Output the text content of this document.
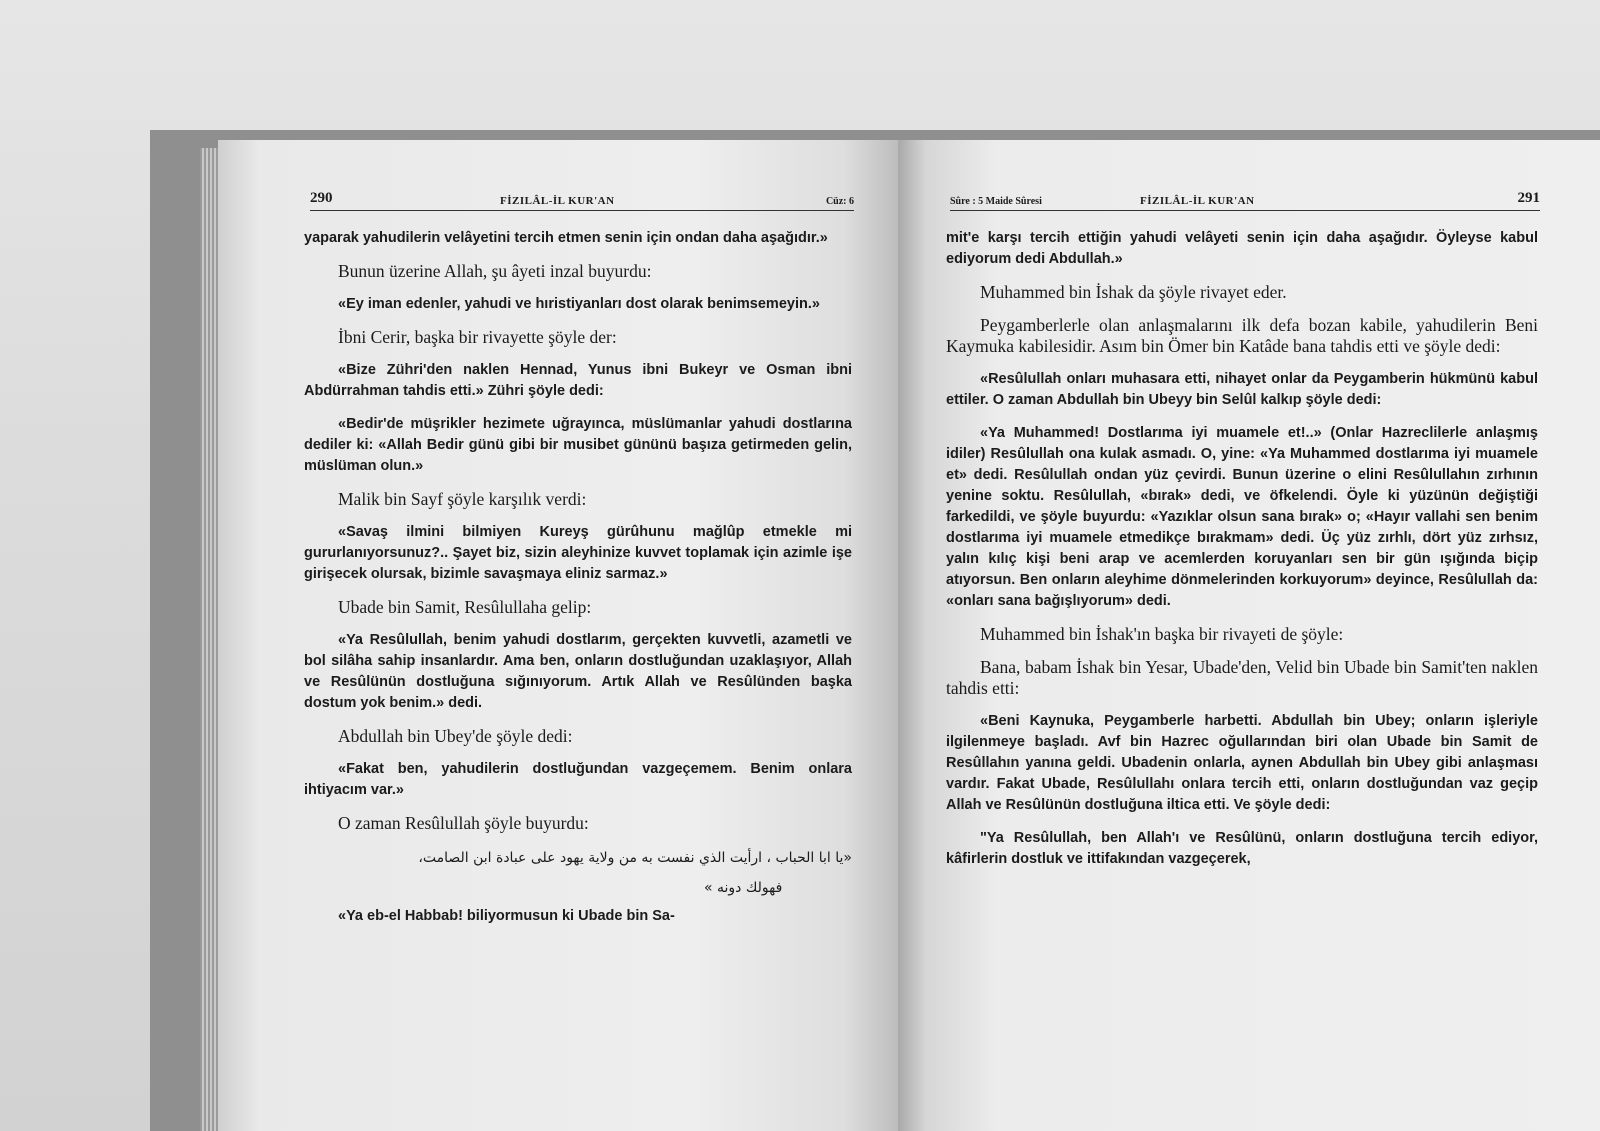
290	FİZILÂL-İL KUR'AN	Cüz: 6

yaparak yahudilerin velâyetini tercih etmen senin için ondan daha aşağıdır.»

Bunun üzerine Allah, şu âyeti inzal buyurdu:

«Ey iman edenler, yahudi ve hıristiyanları dost olarak benimsemeyin.»

İbni Cerir, başka bir rivayette şöyle der:

«Bize Zühri'den naklen Hennad, Yunus ibni Bukeyr ve Osman ibni Abdürrahman tahdis etti.» Zühri şöyle dedi:

«Bedir'de müşrikler hezimete uğrayınca, müslümanlar yahudi dostlarına dediler ki: «Allah Bedir günü gibi bir musibet gününü başıza getirmeden gelin, müslüman olun.»

Malik bin Sayf şöyle karşılık verdi:

«Savaş ilmini bilmiyen Kureyş gürûhunu mağlûp etmekle mi gururlanıyorsunuz?.. Şayet biz, sizin aleyhinize kuvvet toplamak için azimle işe girişecek olursak, bizimle savaşmaya eliniz sarmaz.»

Ubade bin Samit, Resûlullaha gelip:

«Ya Resûlullah, benim yahudi dostlarım, gerçekten kuvvetli, azametli ve bol silâha sahip insanlardır. Ama ben, onların dostluğundan uzaklaşıyor, Allah ve Resûlünün dostluğuna sığınıyorum. Artık Allah ve Resûlünden başka dostum yok benim.» dedi.

Abdullah bin Ubey'de şöyle dedi:

«Fakat ben, yahudilerin dostluğundan vazgeçemem. Benim onlara ihtiyacım var.»

O zaman Resûlullah şöyle buyurdu:

«يا ابا الحباب ، ارأيت الذي نفست به من ولاية يهود على عبادة ابن الصامت،

فهولك دونه »

«Ya eb-el Habbab! biliyormusun ki Ubade bin Sa-

Sûre : 5 Maide Sûresi	FİZILÂL-İL KUR'AN	291

mit'e karşı tercih ettiğin yahudi velâyeti senin için daha aşağıdır. Öyleyse kabul ediyorum dedi Abdullah.»

Muhammed bin İshak da şöyle rivayet eder.

Peygamberlerle olan anlaşmalarını ilk defa bozan kabile, yahudilerin Beni Kaymuka kabilesidir. Asım bin Ömer bin Katâde bana tahdis etti ve şöyle dedi:

«Resûlullah onları muhasara etti, nihayet onlar da Peygamberin hükmünü kabul ettiler. O zaman Abdullah bin Ubeyy bin Selûl kalkıp şöyle dedi:

«Ya Muhammed! Dostlarıma iyi muamele et!..» (Onlar Hazreclilerle anlaşmış idiler) Resûlullah ona kulak asmadı. O, yine: «Ya Muhammed dostlarıma iyi muamele et» dedi. Resûlullah ondan yüz çevirdi. Bunun üzerine o elini Resûlullahın zırhının yenine soktu. Resûlullah, «bırak» dedi, ve öfkelendi. Öyle ki yüzünün değiştiği farkedildi, ve şöyle buyurdu: «Yazıklar olsun sana bırak» o; «Hayır vallahi sen benim dostlarıma iyi muamele etmedikçe bırakmam» dedi. Üç yüz zırhlı, dört yüz zırhsız, yalın kılıç kişi beni arap ve acemlerden koruyanları sen bir gün ışığında biçip atıyorsun. Ben onların aleyhime dönmelerinden korkuyorum» deyince, Resûlullah da: «onları sana bağışlıyorum» dedi.

Muhammed bin İshak'ın başka bir rivayeti de şöyle:

Bana, babam İshak bin Yesar, Ubade'den, Velid bin Ubade bin Samit'ten naklen tahdis etti:

«Beni Kaynuka, Peygamberle harbetti. Abdullah bin Ubey; onların işleriyle ilgilenmeye başladı. Avf bin Hazrec oğullarından biri olan Ubade bin Samit de Resûllahın yanına geldi. Ubadenin onlarla, aynen Abdullah bin Ubey gibi anlaşması vardır. Fakat Ubade, Resûlullahı onlara tercih etti, onların dostluğundan vaz geçip Allah ve Resûlünün dostluğuna iltica etti. Ve şöyle dedi:

"Ya Resûlullah, ben Allah'ı ve Resûlünü, onların dostluğuna tercih ediyor, kâfirlerin dostluk ve ittifakından vazgeçerek,
